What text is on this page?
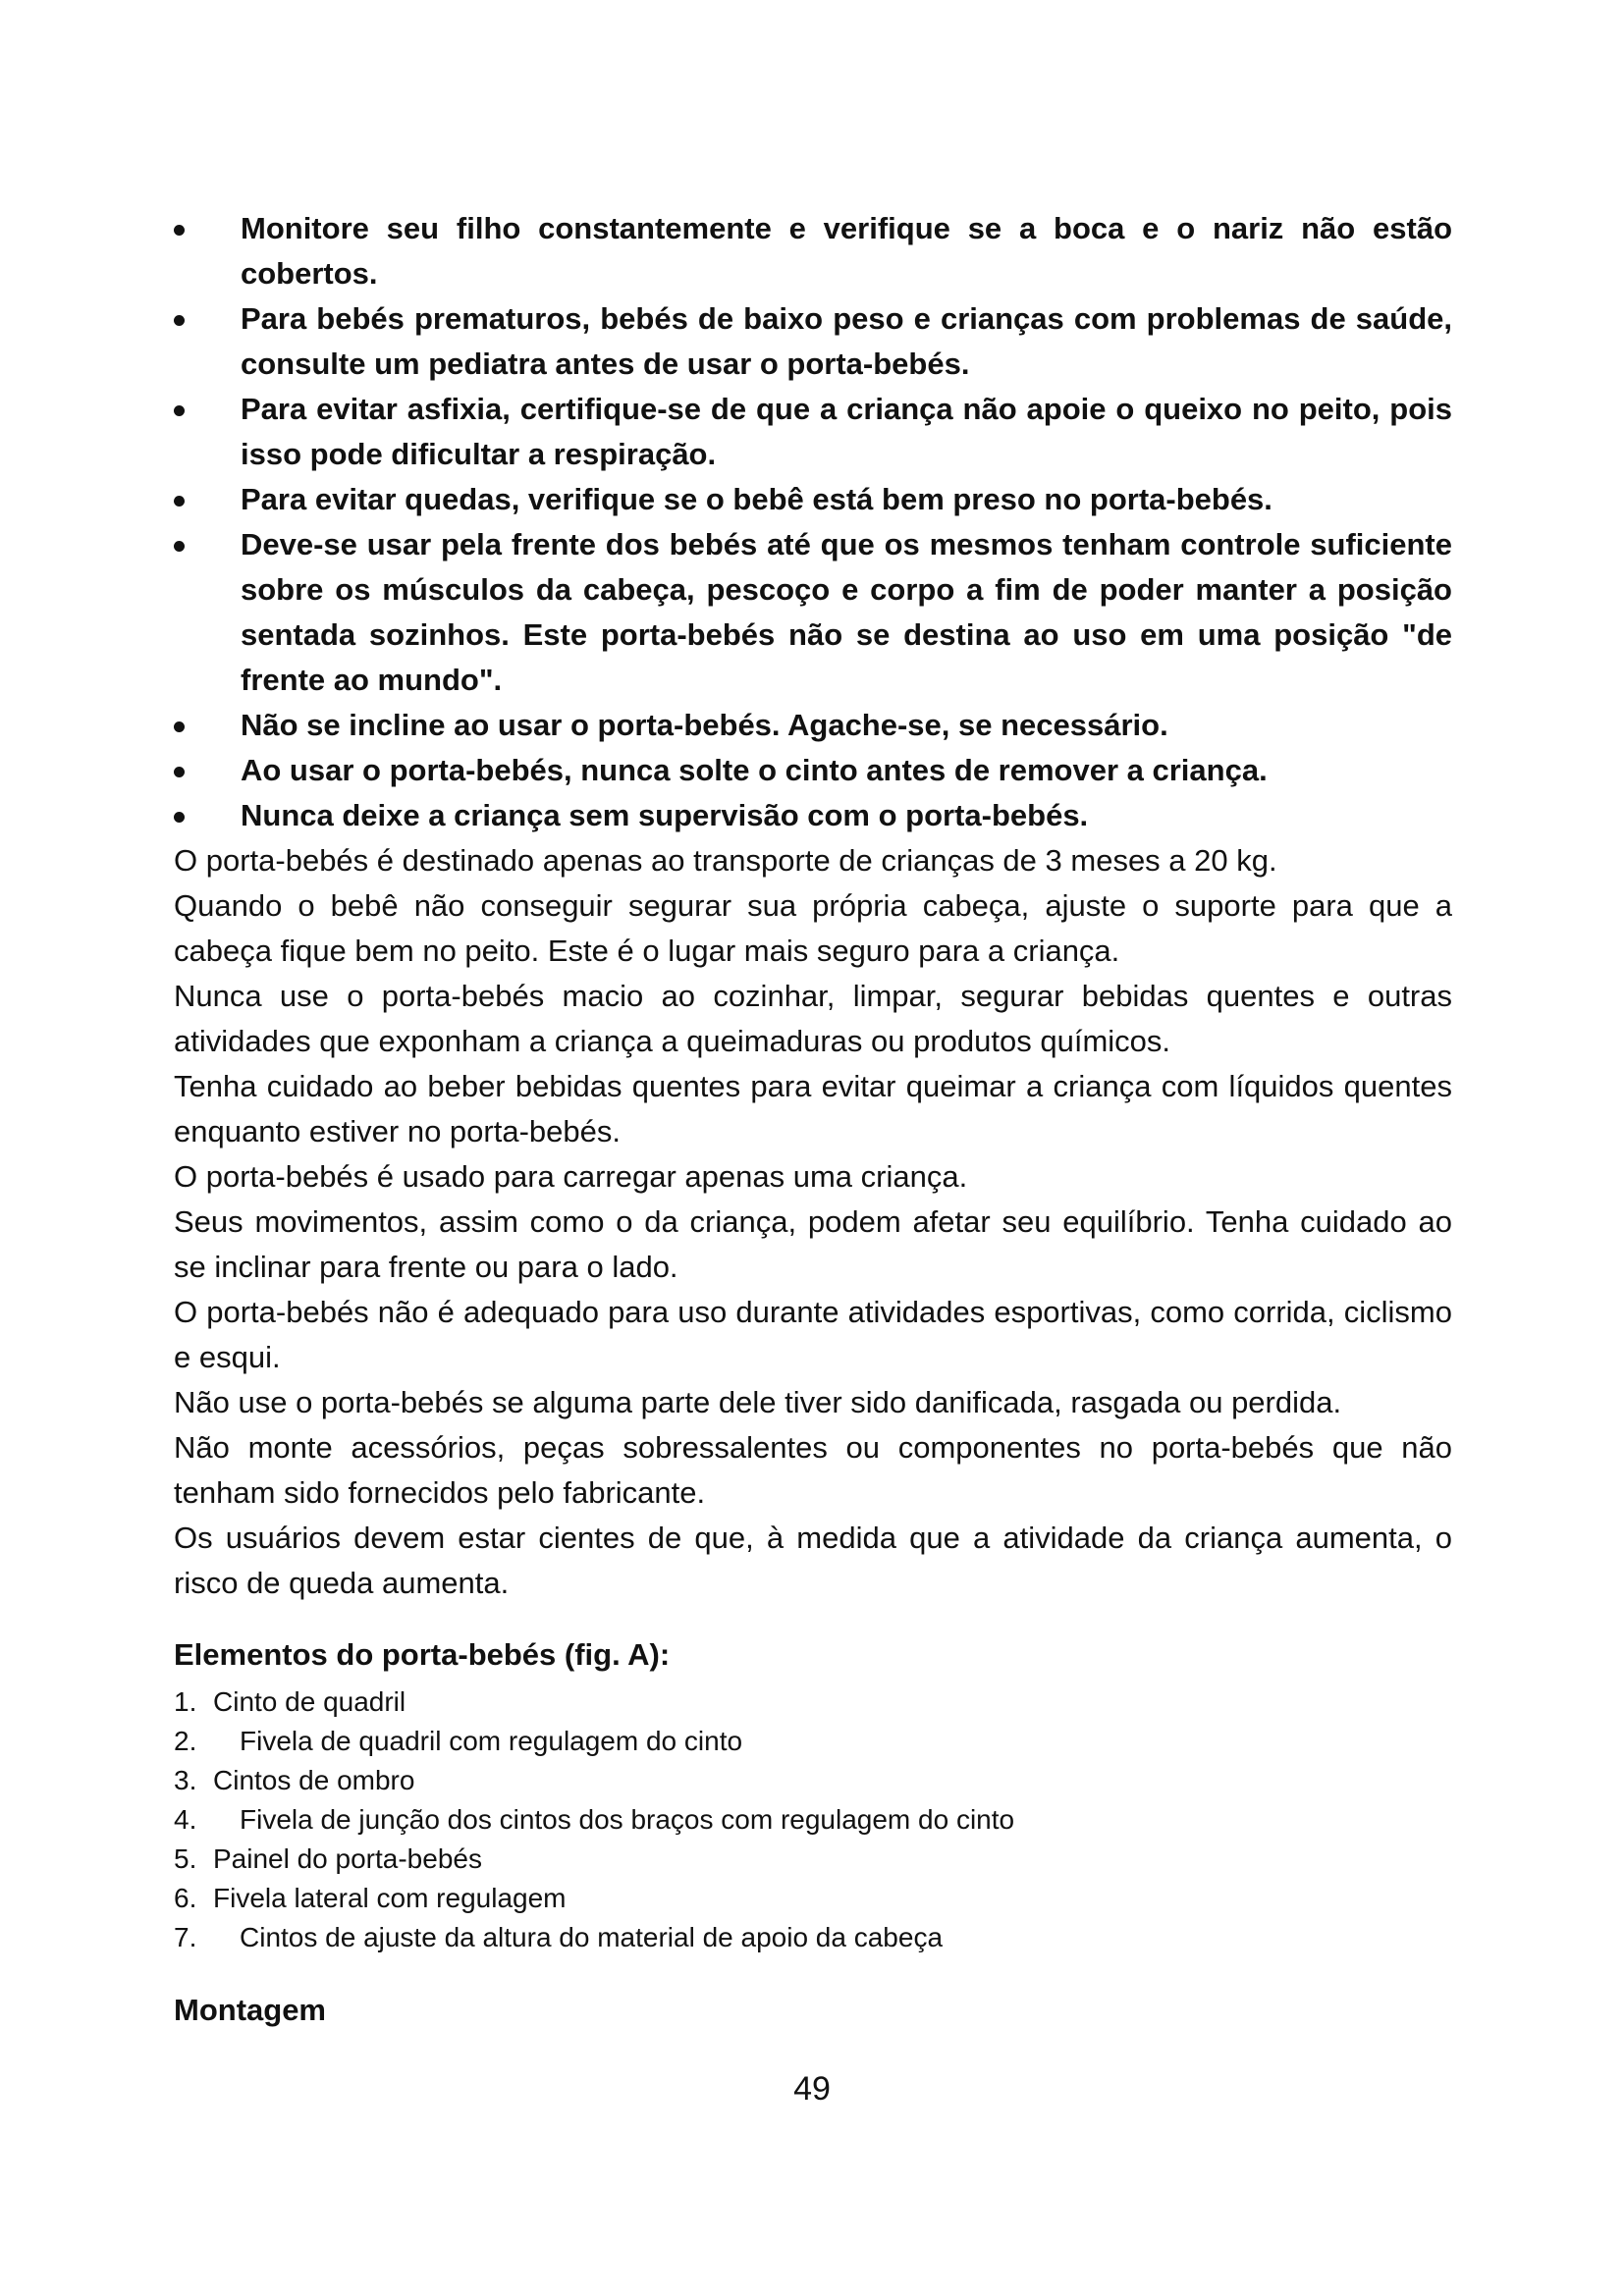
Monitore seu filho constantemente e verifique se a boca e o nariz não estão cobertos.
Para bebés prematuros, bebés de baixo peso e crianças com problemas de saúde, consulte um pediatra antes de usar o porta-bebés.
Para evitar asfixia, certifique-se de que a criança não apoie o queixo no peito, pois isso pode dificultar a respiração.
Para evitar quedas, verifique se o bebê está bem preso no porta-bebés.
Deve-se usar pela frente dos bebés até que os mesmos tenham controle suficiente sobre os músculos da cabeça, pescoço e corpo a fim de poder manter a posição sentada sozinhos. Este porta-bebés não se destina ao uso em uma posição "de frente ao mundo".
Não se incline ao usar o porta-bebés. Agache-se, se necessário.
Ao usar o porta-bebés, nunca solte o cinto antes de remover a criança.
Nunca deixe a criança sem supervisão com o porta-bebés.

O porta-bebés é destinado apenas ao transporte de crianças de 3 meses a 20 kg.

Quando o bebê não conseguir segurar sua própria cabeça, ajuste o suporte para que a cabeça fique bem no peito. Este é o lugar mais seguro para a criança.

Nunca use o porta-bebés macio ao cozinhar, limpar, segurar bebidas quentes e outras atividades que exponham a criança a queimaduras ou produtos químicos.

Tenha cuidado ao beber bebidas quentes para evitar queimar a criança com líquidos quentes enquanto estiver no porta-bebés.

O porta-bebés é usado para carregar apenas uma criança.

Seus movimentos, assim como o da criança, podem afetar seu equilíbrio. Tenha cuidado ao se inclinar para frente ou para o lado.

O porta-bebés não é adequado para uso durante atividades esportivas, como corrida, ciclismo e esqui.

Não use o porta-bebés se alguma parte dele tiver sido danificada, rasgada ou perdida.

Não monte acessórios, peças sobressalentes ou componentes no porta-bebés que não tenham sido fornecidos pelo fabricante.

Os usuários devem estar cientes de que, à medida que a atividade da criança aumenta, o risco de queda aumenta.

Elementos do porta-bebés (fig. A):
1. Cinto de quadril
2.	Fivela de quadril com regulagem do cinto
3. Cintos de ombro
4.	Fivela de junção dos cintos dos braços com regulagem do cinto
5. Painel do porta-bebés
6. Fivela lateral com regulagem
7.	Cintos de ajuste da altura do material de apoio da cabeça
Montagem
49
